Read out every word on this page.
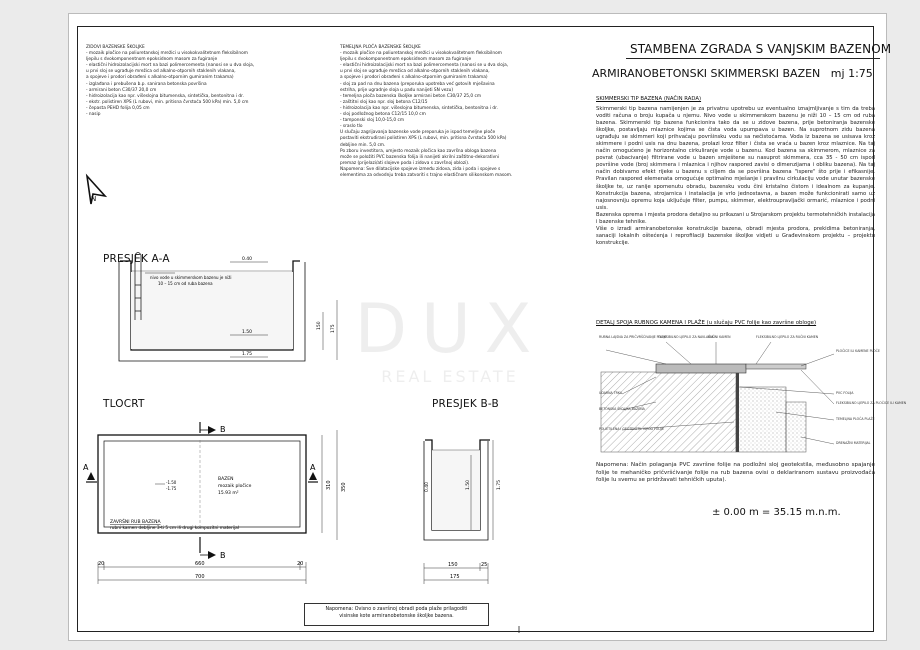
ZIDOVI BAZENSKE ŠKOLJKE
- mozaik pločice na poliuretanskoj mrežici u visokokvalitetnom fleksibilnom
ljepilu s dvokomponentnom epoksidnom masom za fugiranje
- elastični hidroizolacijski mort na bazi polimercementa (nanosi se u dva sloja,
u prvi sloj se ugrađuje mrežica od alkalno-otpornih staklenih vlakana,
a spojeve i prodori obrađeni s alkalno-otpornim gumiranim trakama)
- izglađana i prebušena b.p. sanirana betonska površina
- armirani beton C30/37 20,0 cm
- hidroizolacija kao npr. višeslojna bitumenska, sintetička, bentonitna i dr.
- ekstr. polistiren XPS (L rubovi, min. pritisna čvrstoća 500 kPa) min. 5,0 cm
- čepasta PEHD folija 0,05 cm
- nasip
TEMELJNA PLOČA BAZENSKE ŠKOLJKE
- mozaik pločice na poliuretanskoj mrežici u visokokvalitetnom fleksibilnom
ljepilu s dvokomponentnom epoksidnom masom za fugiranje
- elastični hidroizolacijski mort na bazi polimercementa (nanosi se u dva sloja,
u prvi sloj se ugrađuje mrežica od alkalno-otpornih staklenih vlakana,
a spojeve i prodori obrađeni s alkalno-otpornim gumiranim trakama)
- sloj za pad na dnu bazena (preporuka upotreba već gotovih mješavina
estriha, prije ugradnje sloja u padu nanijeti SN vezu)
- temeljna ploča bazenska školjke armirani beton C30/37 25,0 cm
- zaštitni sloj kao npr. sloj betona C12/15
- hidroizolacija kao npr. višeslojna bitumenska, sintetička, bentonitna i dr.
- sloj podložnog betona C12/15 10,0 cm
- tamponski sloj 10,0-15,0 cm
- sraslo tlo
U slučaju zagrijavanja bazenske vode preporuka je ispod temeljne ploče
postaviti ekstrudirani polistiren XPS (L rubovi, min. pritisna čvrstoća 500 kPa)
debljine min. 5,0 cm.
Po zboru investitora, umjesto mozaik pločica kao završna obloga bazena
može se položiti PVC bazenska folija ili nanijeti akrilni zaštitno-dekorativni
premaz (prijelazi/ati slojeve poda i zidova s završnoj oblozi).
Napomena: Sve dilatacijske spojeve između zidova, zida i poda i spojeve s
elementima za odvodnju treba zatvoriti s trajno elastičnom silikonskom masom.
STAMBENA ZGRADA S VANJSKIM BAZENOM
ARMIRANOBETONSKI SKIMMERSKI BAZEN mj 1:75
SKIMMERSKI TIP BAZENA (NAČIN RADA)
Skimmerski tip bazena namijenjen je za privatnu upotrebu uz eventualno iznajmljivanje s tim da treba voditi računa o broju kupača u njemu. Nivo vode u skimmerskom bazenu je niži 10 – 15 cm od ruba bazena. Skimmerski tip bazena funkcionira tako da se u zidove bazena, prije betoniranja bazenske školjke, postavljaju mlaznice kojima se čista voda upumpava u bazen. Na suprotnom zidu bazena ugrađuju se skimmeri koji prihvaćaju površinsku vodu sa nečistoćama. Voda iz bazena se usisava kroz skimmere i podni usis na dnu bazena, prolazi kroz filter i čista se vraća u bazen kroz mlaznice. Na taj način omogućeno je horizontalno cirkuliranje vode u bazenu. Kod bazena sa skimmerom, mlaznice za povrat (ubacivanje) filtrirane vode u bazen smještene su nasuprot skimmera, cca 35 - 50 cm ispod površine vode (broj skimmera i mlaznica i njihov raspored zavisi o dimenzijama i obliku bazena). Na taj način dobivamo efekt rijeke u bazenu s ciljem da se površina bazena "ispere" što prije i efikasnije. Pravilan raspored elemenata omogućuje optimalno mješanje i pravilnu cirkulaciju vode unutar bazenske školjke te, uz ranije spomenutu obradu, bazensku vodu čini kristalno čistom i idealnom za kupanje. Konstrukcija bazena, strojarnica i instalacija je vrlo jednostavna, a bazen može funkcionirati samo uz najosnovniju opremu koja uključuje filter, pumpu, skimmer, elektroupravljački ormarić, mlaznice i podni usis.
Bazenska oprema i mjesta prodora detaljno su prikazani u Strojarskom projektu termotehničkih instalacija i bazenske tehnike.
Više o izradi armiranobetonske konstrukcije bazena, obradi mjesta prodora, prekidima betoniranja, sanaciji lokalnih oštećenja i reprofilaciji bazenske školjke vidjeti u Građevinskom projektu – projektu konstrukcije.
DETALJ SPOJA RUBNOG KAMENA I PLAŽE (u slučaju PVC folije kao završne obloge)
RUBNA LAJSNA ZA PRIČVRŠĆIVANJE FOLIJE
FLEKSIBILNO LJEPILO ZA NAVLAČKU
RUČNI KAMEN	FLEKSIBILNO LJEPILO ZA RUČNI KAMEN
PLOČICE ILI KAMENE PLOČE
UDARNA TRKA
BETONSKA ŠKOLJKA BAZENA
POLIETILENA I GEOTEKSTIL ISPOD FOLIJE
PVC FOLIJA
FLEKSIBILNO LJEPILO ZA PLOČICE ILI KAMEN
TEMELJNA PLOČA PLAŽE
DRENAŽNI MATERIJAL
Napomena: Način polaganja PVC završne folije na podložni sloj geotekstila, međusobno spajanje folije te mehaničko pričvršćivanje folije na rub bazena ovisi o deklariranom sustavu proizvođača folije lu svemu se pridržavati tehničkih uputa).
± 0.00 m = 35.15 m.n.m.
PRESJEK A-A
TLOCRT	PRESJEK B-B
N
nivo vode u skimmerskom bazenu je niži
10 – 15 cm od ruba bazena
0.40
1.50
1.75
150 175
BAZEN
mozaik pločice
15.93 m²
-1.50
-1.75
ZAVRŠNI RUB BAZENA
rubni kamen debljine 3-ti 5 cm ili drugi kompozitni materijal
B
B
A	A
20	660	20
700
310 350	0.40	1.50	1.75
150	25
175
Napomena: Ovisno o završnoj obradi poda plaže prilagoditi
visinske kote armiranobetonske školjke bazena.
